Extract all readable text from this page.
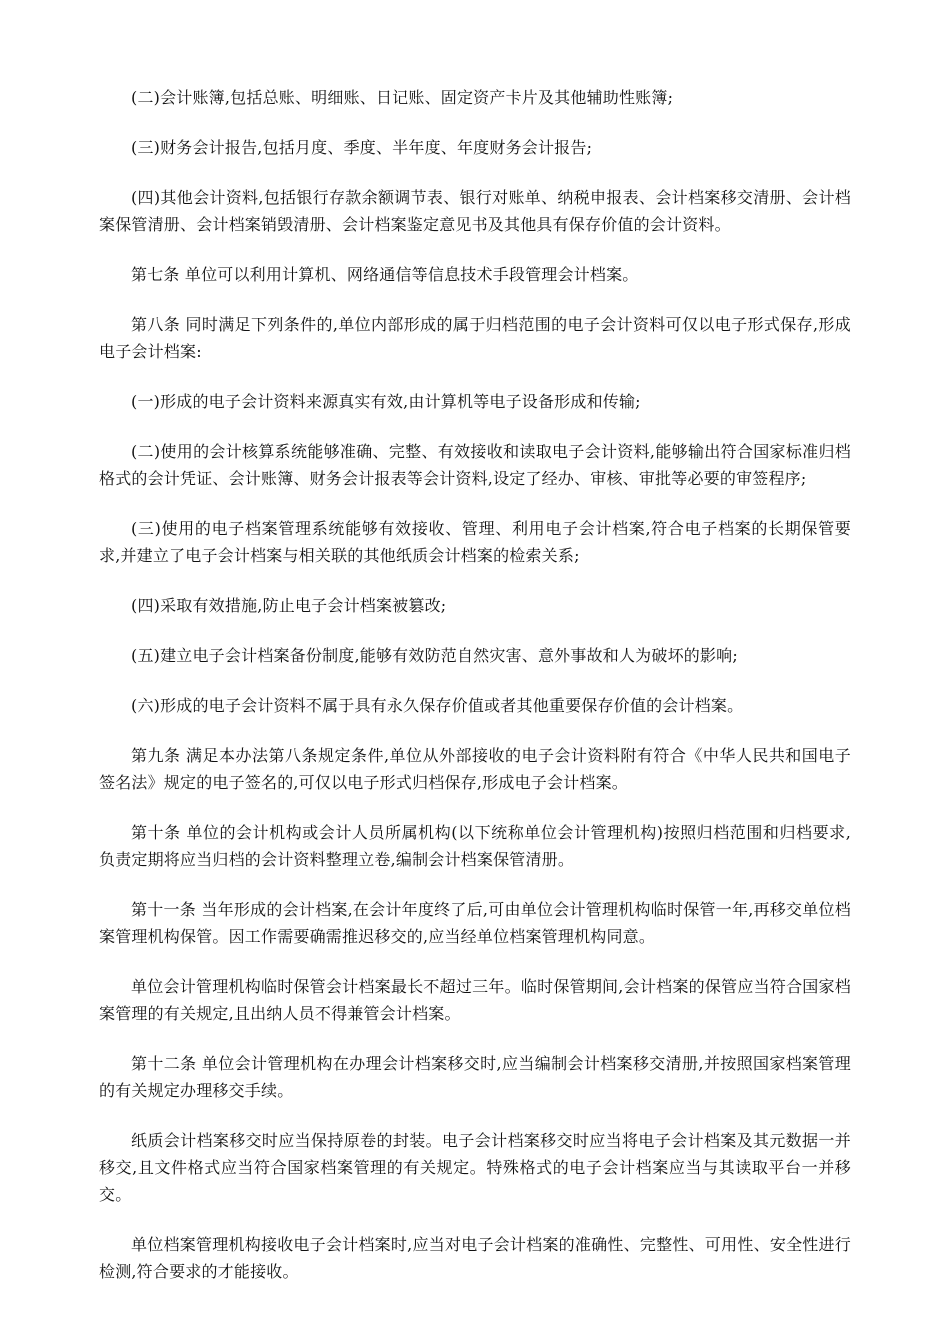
(二)会计账簿,包括总账、明细账、日记账、固定资产卡片及其他辅助性账簿;

(三)财务会计报告,包括月度、季度、半年度、年度财务会计报告;

(四)其他会计资料,包括银行存款余额调节表、银行对账单、纳税申报表、会计档案移交清册、会计档案保管清册、会计档案销毁清册、会计档案鉴定意见书及其他具有保存价值的会计资料。

第七条 单位可以利用计算机、网络通信等信息技术手段管理会计档案。

第八条 同时满足下列条件的,单位内部形成的属于归档范围的电子会计资料可仅以电子形式保存,形成电子会计档案:

(一)形成的电子会计资料来源真实有效,由计算机等电子设备形成和传输;

(二)使用的会计核算系统能够准确、完整、有效接收和读取电子会计资料,能够输出符合国家标准归档格式的会计凭证、会计账簿、财务会计报表等会计资料,设定了经办、审核、审批等必要的审签程序;

(三)使用的电子档案管理系统能够有效接收、管理、利用电子会计档案,符合电子档案的长期保管要求,并建立了电子会计档案与相关联的其他纸质会计档案的检索关系;

(四)采取有效措施,防止电子会计档案被篡改;

(五)建立电子会计档案备份制度,能够有效防范自然灾害、意外事故和人为破坏的影响;

(六)形成的电子会计资料不属于具有永久保存价值或者其他重要保存价值的会计档案。

第九条 满足本办法第八条规定条件,单位从外部接收的电子会计资料附有符合《中华人民共和国电子签名法》规定的电子签名的,可仅以电子形式归档保存,形成电子会计档案。

第十条 单位的会计机构或会计人员所属机构(以下统称单位会计管理机构)按照归档范围和归档要求,负责定期将应当归档的会计资料整理立卷,编制会计档案保管清册。

第十一条 当年形成的会计档案,在会计年度终了后,可由单位会计管理机构临时保管一年,再移交单位档案管理机构保管。因工作需要确需推迟移交的,应当经单位档案管理机构同意。

单位会计管理机构临时保管会计档案最长不超过三年。临时保管期间,会计档案的保管应当符合国家档案管理的有关规定,且出纳人员不得兼管会计档案。

第十二条 单位会计管理机构在办理会计档案移交时,应当编制会计档案移交清册,并按照国家档案管理的有关规定办理移交手续。

纸质会计档案移交时应当保持原卷的封装。电子会计档案移交时应当将电子会计档案及其元数据一并移交,且文件格式应当符合国家档案管理的有关规定。特殊格式的电子会计档案应当与其读取平台一并移交。

单位档案管理机构接收电子会计档案时,应当对电子会计档案的准确性、完整性、可用性、安全性进行检测,符合要求的才能接收。
